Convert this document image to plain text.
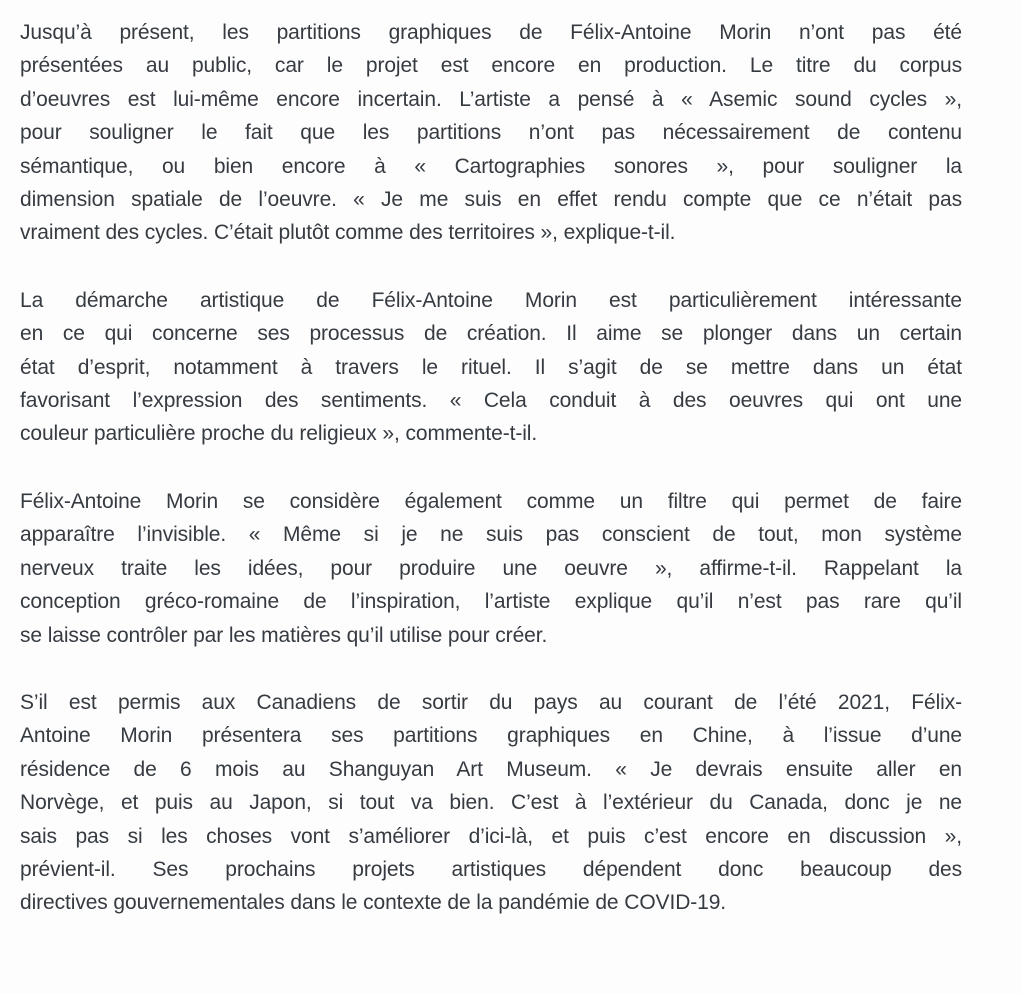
Jusqu’à présent, les partitions graphiques de Félix-Antoine Morin n’ont pas été
présentées au public, car le projet est encore en production. Le titre du corpus
d’oeuvres est lui-même encore incertain. L’artiste a pensé à « Asemic sound cycles »,
pour souligner le fait que les partitions n’ont pas nécessairement de contenu
sémantique, ou bien encore à « Cartographies sonores », pour souligner la
dimension spatiale de l’oeuvre. « Je me suis en effet rendu compte que ce n’était pas
vraiment des cycles. C’était plutôt comme des territoires », explique-t-il.
La démarche artistique de Félix-Antoine Morin est particulièrement intéressante
en ce qui concerne ses processus de création. Il aime se plonger dans un certain
état d’esprit, notamment à travers le rituel. Il s’agit de se mettre dans un état
favorisant l’expression des sentiments. « Cela conduit à des oeuvres qui ont une
couleur particulière proche du religieux », commente-t-il.
Félix-Antoine Morin se considère également comme un filtre qui permet de faire
apparaître l’invisible. « Même si je ne suis pas conscient de tout, mon système
nerveux traite les idées, pour produire une oeuvre », affirme-t-il. Rappelant la
conception gréco-romaine de l’inspiration, l’artiste explique qu’il n’est pas rare qu’il
se laisse contrôler par les matières qu’il utilise pour créer.
S’il est permis aux Canadiens de sortir du pays au courant de l’été 2021, Félix-
Antoine Morin présentera ses partitions graphiques en Chine, à l’issue d’une
résidence de 6 mois au Shanguyan Art Museum. « Je devrais ensuite aller en
Norvège, et puis au Japon, si tout va bien. C’est à l’extérieur du Canada, donc je ne
sais pas si les choses vont s’améliorer d’ici-là, et puis c’est encore en discussion »,
prévient-il. Ses prochains projets artistiques dépendent donc beaucoup des
directives gouvernementales dans le contexte de la pandémie de COVID-19.
